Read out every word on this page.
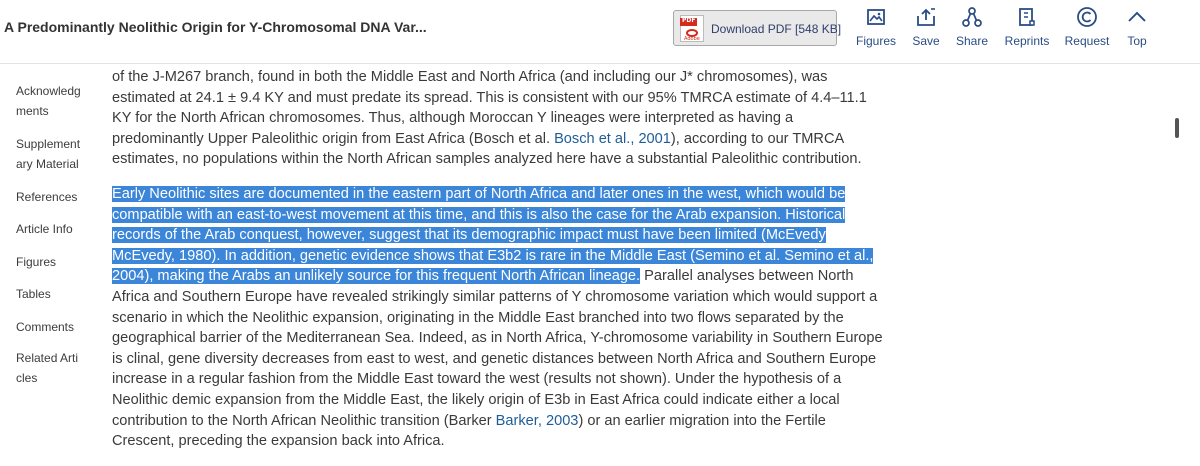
A Predominantly Neolithic Origin for Y-Chromosomal DNA Var...	PDF
Adobe
Download PDF [548 KB]
Figures	Save	Share	Reprints Request	Top
Acknowledgments
Supplementary Material
References
Article Info
Figures
Tables
Comments
Related Articles

of the J-M267 branch, found in both the Middle East and North Africa (and including our J* chromosomes), was estimated at 24.1 ± 9.4 KY and must predate its spread. This is consistent with our 95% TMRCA estimate of 4.4–11.1 KY for the North African chromosomes. Thus, although Moroccan Y lineages were interpreted as having a predominantly Upper Paleolithic origin from East Africa (Bosch et al. Bosch et al., 2001), according to our TMRCA estimates, no populations within the North African samples analyzed here have a substantial Paleolithic contribution.

Early Neolithic sites are documented in the eastern part of North Africa and later ones in the west, which would be compatible with an east-to-west movement at this time, and this is also the case for the Arab expansion. Historical records of the Arab conquest, however, suggest that its demographic impact must have been limited (McEvedy McEvedy, 1980). In addition, genetic evidence shows that E3b2 is rare in the Middle East (Semino et al. Semino et al., 2004), making the Arabs an unlikely source for this frequent North African lineage. Parallel analyses between North Africa and Southern Europe have revealed strikingly similar patterns of Y chromosome variation which would support a scenario in which the Neolithic expansion, originating in the Middle East branched into two flows separated by the geographical barrier of the Mediterranean Sea. Indeed, as in North Africa, Y-chromosome variability in Southern Europe is clinal, gene diversity decreases from east to west, and genetic distances between North Africa and Southern Europe increase in a regular fashion from the Middle East toward the west (results not shown). Under the hypothesis of a Neolithic demic expansion from the Middle East, the likely origin of E3b in East Africa could indicate either a local contribution to the North African Neolithic transition (Barker Barker, 2003) or an earlier migration into the Fertile Crescent, preceding the expansion back into Africa.
